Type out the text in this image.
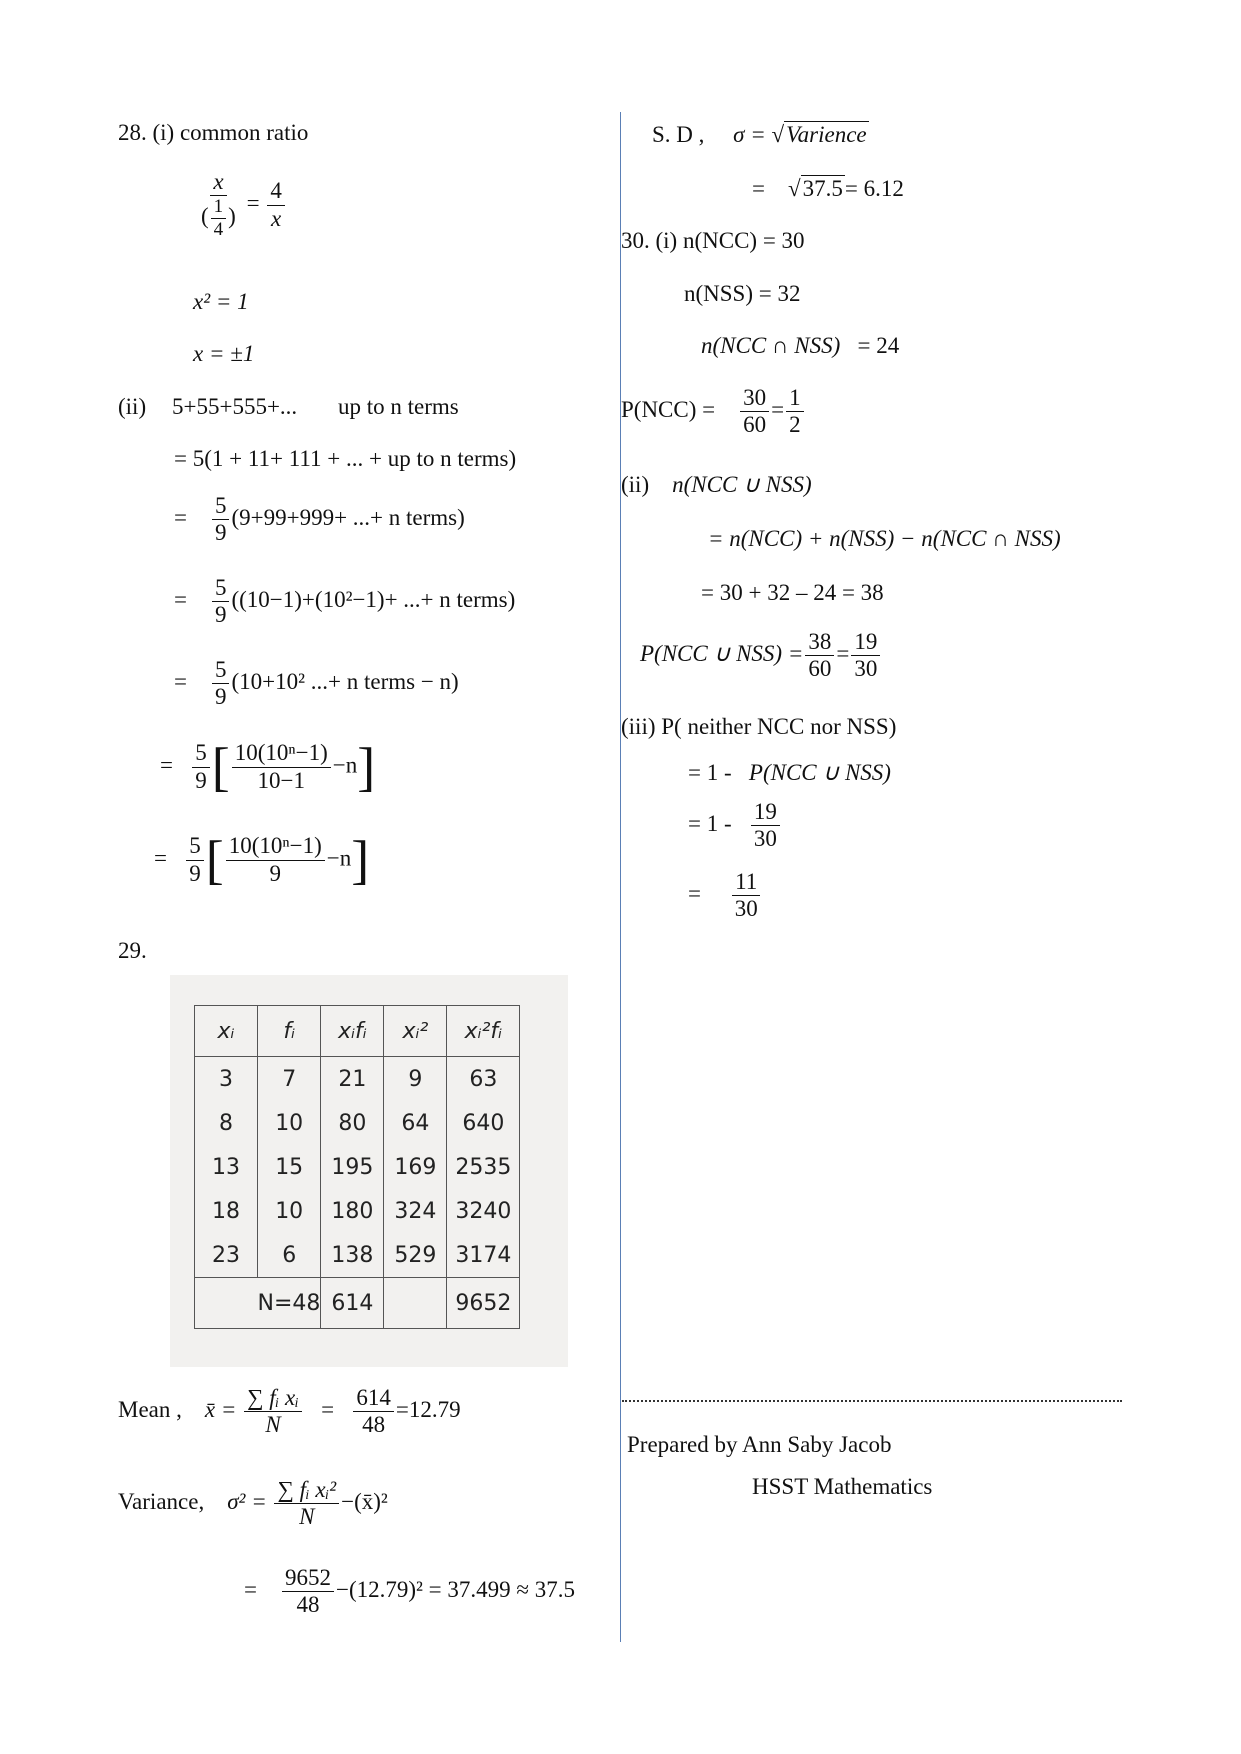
28. (i) common ratio
$\frac{x}{( \frac{1}{4} )} = \frac{4}{x}$
x² = 1
x = ±1
(ii) 5+55+555+... up to n terms
= 5(1 + 11+ 111 + ... + up to n terms)
= $\frac{5}{9} (9+99+999+$ ...+ n terms)
= $\frac{5}{9} ((10-1)+(10^2-1)+$ ...+ n terms)
= $\frac{5}{9} (10+10^2$ ...+ n terms − n)
= $\frac{5}{9}$ [ $\frac{\text{10(10ⁿ−1)}}{10-1} -n$]
= $\frac{5}{9}$ [ $\frac{\text{10(10ⁿ−1)}}{9} -n$]
29.
xᵢ	fᵢ	xᵢfᵢ	xᵢ²	xᵢ²fᵢ
3	7	21	9	63
8	10	80	64	640
13	15	195	169	2535
18	10	180	324	3240
23	6	138	529	3174
	N=48	614		9652
Mean , x̄ = $\frac{\text{∑ fᵢ xᵢ}}{N} = \frac{614}{48} =12.79$
Variance, $\sigma^2 = \frac{\text{∑ fᵢ xᵢ²}}{N}$ −(x̄)²
= $\frac{9652}{48} -(12.79)^2 = 37.499 \approx 37.5$
S. D , σ = √Varience
=    √37.5= 6.12
30. (i) n(NCC) = 30
n(NSS) = 32
n(NCC ∩ NSS) = 24
$P(NCC) = \frac{30}{60} = \frac{1}{2}$
(ii) n(NCC ∪ NSS)
= n(NCC) + n(NSS) − n(NCC ∩ NSS)
= 30 + 32 – 24 = 38
P(NCC ∪ $NSS) = \frac{38}{60} = \frac{19}{30}$
(iii) P( neither NCC nor NSS)
= 1 - P(NCC ∪ NSS)
= $1 - \frac{19}{30}$
= $\frac{11}{30}$
Prepared by Ann Saby Jacob
HSST Mathematics
